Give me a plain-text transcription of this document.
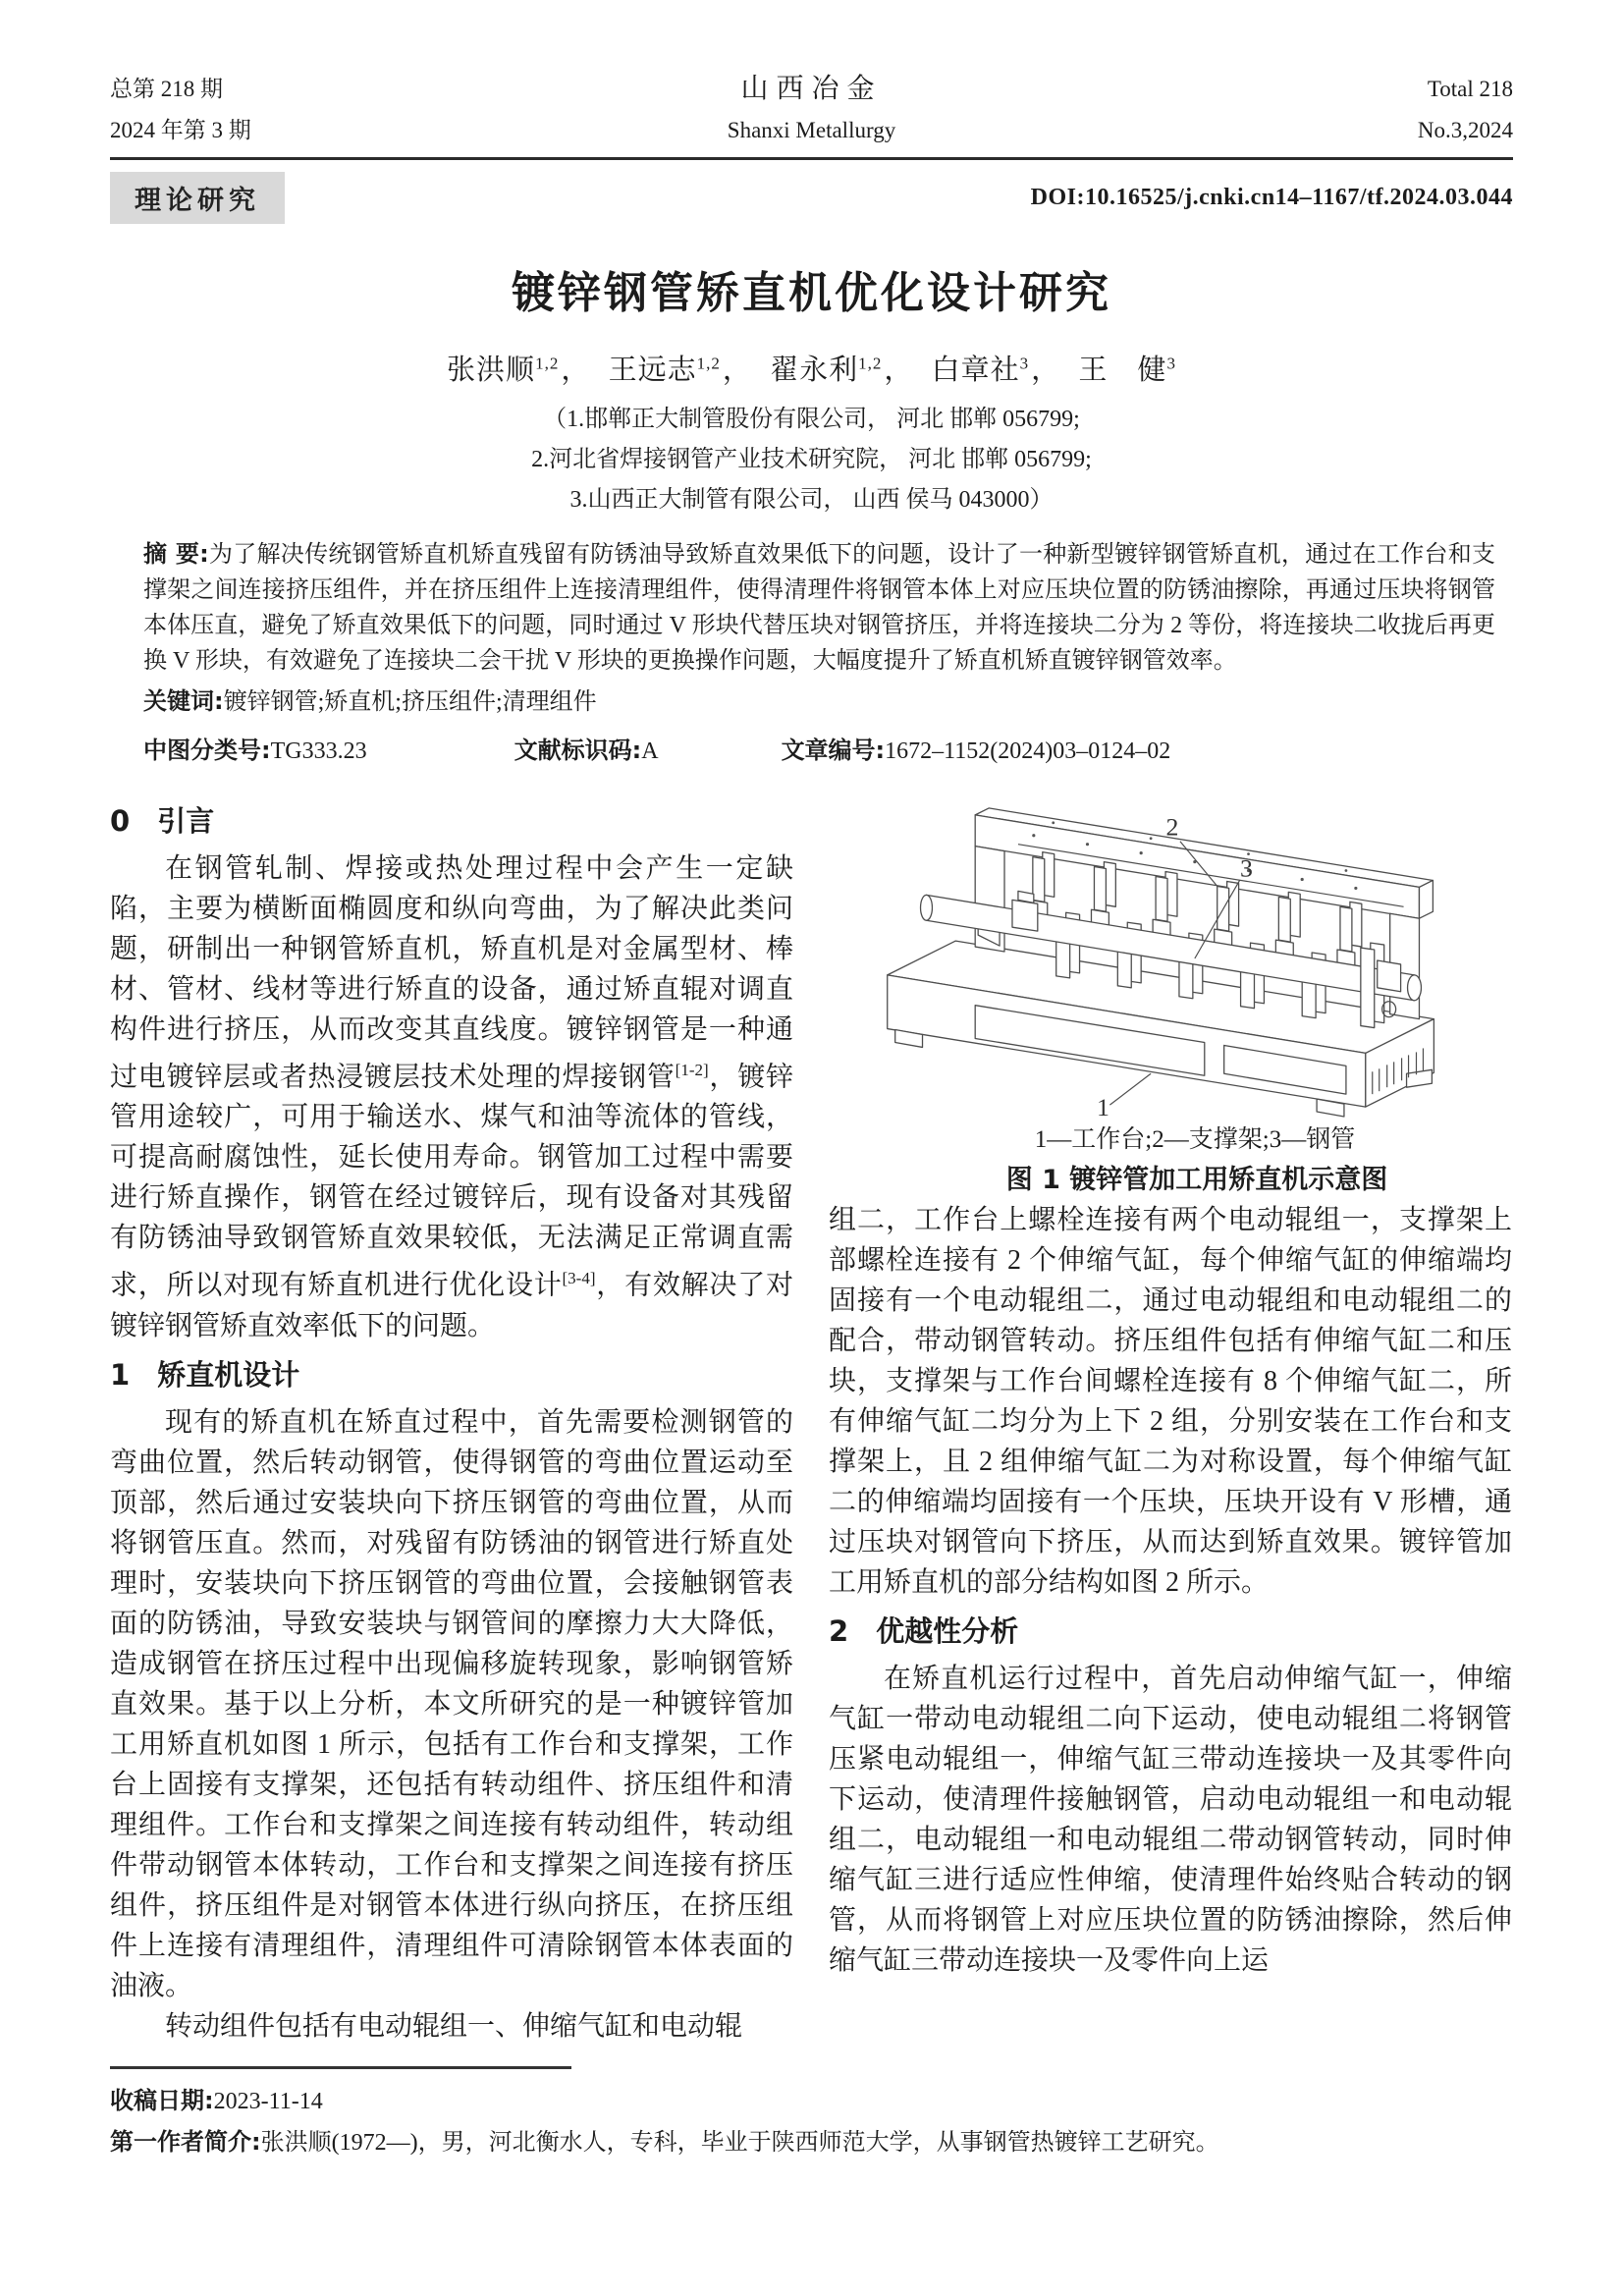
总第 218 期
2024 年第 3 期
山西冶金
Shanxi Metallurgy
Total 218
No.3,2024
理论研究	DOI:10.16525/j.cnki.cn14–1167/tf.2024.03.044
镀锌钢管矫直机优化设计研究
张洪顺$^{1,2}$， 王远志$^{1,2}$， 翟永利$^{1,2}$， 白章社$^3$， 王　健$^3$
（1.邯郸正大制管股份有限公司， 河北 邯郸 056799;
2.河北省焊接钢管产业技术研究院， 河北 邯郸 056799;
3.山西正大制管有限公司， 山西 侯马 043000）
摘 要:为了解决传统钢管矫直机矫直残留有防锈油导致矫直效果低下的问题，设计了一种新型镀锌钢管矫直机，通过在工作台和支撑架之间连接挤压组件，并在挤压组件上连接清理组件，使得清理件将钢管本体上对应压块位置的防锈油擦除，再通过压块将钢管本体压直，避免了矫直效果低下的问题，同时通过 V 形块代替压块对钢管挤压，并将连接块二分为 2 等份，将连接块二收拢后再更换 V 形块，有效避免了连接块二会干扰 V 形块的更换操作问题，大幅度提升了矫直机矫直镀锌钢管效率。
关键词:镀锌钢管;矫直机;挤压组件;清理组件
中图分类号:TG333.23	文献标识码:A	文章编号:1672–1152(2024)03–0124–02
0 引言

在钢管轧制、焊接或热处理过程中会产生一定缺陷，主要为横断面椭圆度和纵向弯曲，为了解决此类问题，研制出一种钢管矫直机，矫直机是对金属型材、棒材、管材、线材等进行矫直的设备，通过矫直辊对调直构件进行挤压，从而改变其直线度。镀锌钢管是一种通过电镀锌层或者热浸镀层技术处理的焊接钢管[1-2]，镀锌管用途较广，可用于输送水、煤气和油等流体的管线，可提高耐腐蚀性，延长使用寿命。钢管加工过程中需要进行矫直操作，钢管在经过镀锌后，现有设备对其残留有防锈油导致钢管矫直效果较低，无法满足正常调直需求，所以对现有矫直机进行优化设计[3-4]，有效解决了对镀锌钢管矫直效率低下的问题。

1 矫直机设计

现有的矫直机在矫直过程中，首先需要检测钢管的弯曲位置，然后转动钢管，使得钢管的弯曲位置运动至顶部，然后通过安装块向下挤压钢管的弯曲位置，从而将钢管压直。然而，对残留有防锈油的钢管进行矫直处理时，安装块向下挤压钢管的弯曲位置，会接触钢管表面的防锈油，导致安装块与钢管间的摩擦力大大降低，造成钢管在挤压过程中出现偏移旋转现象，影响钢管矫直效果。基于以上分析，本文所研究的是一种镀锌管加工用矫直机如图 1 所示，包括有工作台和支撑架，工作台上固接有支撑架，还包括有转动组件、挤压组件和清理组件。工作台和支撑架之间连接有转动组件，转动组件带动钢管本体转动，工作台和支撑架之间连接有挤压组件，挤压组件是对钢管本体进行纵向挤压，在挤压组件上连接有清理组件，清理组件可清除钢管本体表面的油液。

转动组件包括有电动辊组一、伸缩气缸和电动辊

2
3
1

1—工作台;2—支撑架;3—钢管

图 1 镀锌管加工用矫直机示意图

组二，工作台上螺栓连接有两个电动辊组一，支撑架上部螺栓连接有 2 个伸缩气缸，每个伸缩气缸的伸缩端均固接有一个电动辊组二，通过电动辊组和电动辊组二的配合，带动钢管转动。挤压组件包括有伸缩气缸二和压块，支撑架与工作台间螺栓连接有 8 个伸缩气缸二，所有伸缩气缸二均分为上下 2 组，分别安装在工作台和支撑架上，且 2 组伸缩气缸二为对称设置，每个伸缩气缸二的伸缩端均固接有一个压块，压块开设有 V 形槽，通过压块对钢管向下挤压，从而达到矫直效果。镀锌管加工用矫直机的部分结构如图 2 所示。

2 优越性分析

在矫直机运行过程中，首先启动伸缩气缸一，伸缩气缸一带动电动辊组二向下运动，使电动辊组二将钢管压紧电动辊组一，伸缩气缸三带动连接块一及其零件向下运动，使清理件接触钢管，启动电动辊组一和电动辊组二，电动辊组一和电动辊组二带动钢管转动，同时伸缩气缸三进行适应性伸缩，使清理件始终贴合转动的钢管，从而将钢管上对应压块位置的防锈油擦除，然后伸缩气缸三带动连接块一及零件向上运

收稿日期:2023-11-14
第一作者简介:张洪顺(1972—)，男，河北衡水人，专科，毕业于陕西师范大学，从事钢管热镀锌工艺研究。
